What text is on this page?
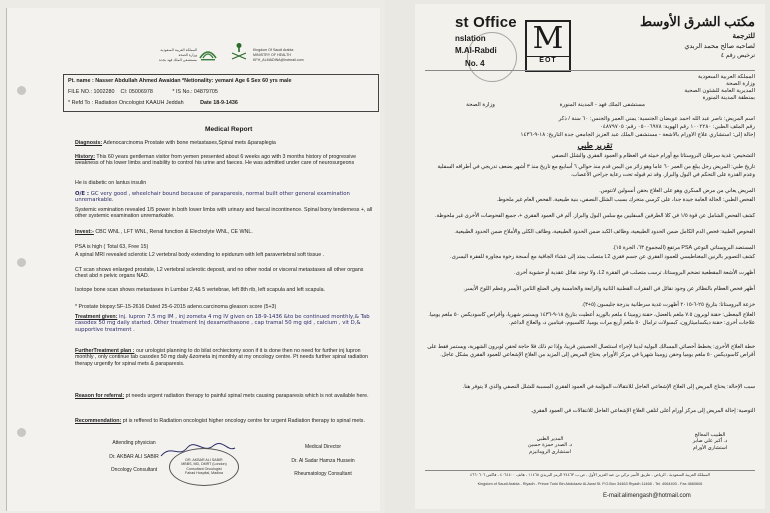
المملكة العربية السعودية
وزارة الصحة
مستشفى الملك فهد بجدة
Kingdom Of Saudi Arabia
MINISTRY OF HEALTH
KFH_ALMADINA@hotmail.com
Pt. name : Nasser Abdullah Ahmed Awaidan *Netionality: yemani Age 6 Sex 60 yrs male
FILE NO.: 1002280 CI: 05006978	* IS No.: 04879705
* Refd To : Radiation Oncologist KAAUH Jeddah	Date 18-9-1436
Medical Report
Diagnosis: Adenocarcinoma Prostate with bone metastases,Spinal mets &paraplegia
History: This 60 years gentleman visitor from yemen presented about 6 weeks ago with 3 months history of progressive weakness of his lower limbs and inability to control his urine and faeces. He was admitted under care of neurosurgeons
He is diabetic on lantus insulin
O/E : GC very good , wheelchair bound because of paraparesis, normal built other general examination unremarkable.
Systemic exmination revealed 1/5 power in both lower limbs with urinary and faecal incontinence. Spinal bony tenderness +, all other systemic examination unremarkable.
Invest:- CBC WNL , LFT WNL, Renal function & Electrolyte WNL, CE WNL.
PSA is high ( Total 63, Free 15)
A spinal MRI revealed sclerotic L2 vertebral body extending to epidurum with left paravertebral soft tissue .
CT scan shows enlarged prostate, L2 vertebral sclerotic deposit, and no other nodal or visceral metastases all other organs chest abd n pelvic organs NAD.
Isotope bone scan shows metastases in Lumbar 2,4& 5 vertebrae, left 8th rib, left scapula and left scapula.
* Prostate biopsy:SF-15-2616 Dated 25-6-2015 adeno.carcinoma gleason score (5+3)
Treatment given: inj. lupron 7.5 mg IM , inj zometa 4 mg IV given on 18-9-1436 &to be continued monthly,& Tab casodex 50 mg daily started. Other treatment Inj dexamethasone , cap tramal 50 mg qid , calcium , vit D,& supportive treatment .
FurtherTreatment plan : our urologist planning to do bilat orchiectomy soon if it is done then no need for further inj lupron monthly , only continue tab casodex 50 mg daily &zometa inj monthly at my oncology centre. Pt needs further spinal radiation therapy urgently for spinal mets & paraparesis.
Reason for referral: pt needs urgent radiation therapy to painful spinal mets causing paraparesis which is not available here.
Recommendation: pt is reffered to Radiation oncologist higher oncology centre for urgent Radiation therapy to spinal mets.
Attending physician
Dr. AKBAR ALI SABIR
Oncology Consultant
DR. AKBAR ALI SABIR
MBBS, MD, DMRT (London)
Consultant Oncologist
Fahad Hospital, Madina
Medical Director
Dr. Al Sadar Hamza Hussein
Rheumatology Consultant
st Office
nslation
M.Al-Rabdi
No. 4
M
EOT
مكتب الشرق الأوسط
للترجمة
لصاحبه صالح محمد الربدي
ترخيص رقم ٤
المملكة العربية السعودية
وزارة الصحة
المديرية العامة للشئون الصحية
بمنطقة المدينة المنورة
مستشفى الملك فهد - المدينة المنورة
وزارة الصحة
اسم المريض: ناصر عبد الله احمد عويضان الجنسية: يمني العمر والجنس: ٦٠ سنة / ذكر
رقم الملف الطبي: ١٠٠٢٢٨٠ رقم الهوية: ٠٥٠٠٦٩٧٨ رقم: ٠٤٨٧٩٧٠٥
إحالة إلى: استشاري علاج الأورام بالأشعة - مستشفى الملك عبد العزيز الجامعي جدة التاريخ: ١٨-٩-١٤٣٦
تقرير طبي
التشخيص: غدية سرطان البروستاتا مع أورام خبيثة في العظام و العمود الفقري والشلل النصفي
تاريخ طبي: المريض رجل يبلغ من العمر ٦٠ عاما وهو زائر من اليمن قدم منذ حوالي ٦ أسابيع مع تاريخ منذ ٣ أشهر بضعف تدريجي في أطرافه السفلية وعدم القدرة على التحكم في البول والبراز. وقد تم قبوله تحت رعاية جراحي الأعصاب.
المريض يعاني من مرض السكري وهو على العلاج بحقن أنسولين لانتوس.
الفحص الطبي: الحالة العامة جيدة جدا، على كرسي متحرك بسبب الشلل النصفي، بنية طبيعية، الفحص العام غير ملحوظ.
كشف الفحص الشامل عن قوة ١/٥ في كلا الطرفين السفليين مع سلس البول والبراز. ألم في العمود الفقري +، جميع الفحوصات الأخرى غير ملحوظة.
الفحوص الطبية: فحص الدم الكامل ضمن الحدود الطبيعية، وظائف الكبد ضمن الحدود الطبيعية، وظائف الكلى والأملاح ضمن الحدود الطبيعية.
المستضد البروستاتي النوعي PSA مرتفع (المجموع ٦٣، الحرة ١٥).
كشف التصوير بالرنين المغناطيسي للعمود الفقري عن جسم فقري L2 متصلب يمتد إلى غشاء الجافية مع أنسجة رخوة مجاورة للفقرة اليسرى.
أظهرت الأشعة المقطعية تضخم البروستاتا، ترسب متصلب في الفقرة L2، ولا توجد نقائل عقدية أو حشوية أخرى.
أظهر فحص العظام بالنظائر عن وجود نقائل في الفقرات القطنية الثانية والرابعة والخامسة وفي الضلع الثامن الأيسر وعظم اللوح الأيسر.
خزعة البروستاتا: بتاريخ ٢٥-٦-٢٠١٥ أظهرت غدية سرطانية بدرجة جليسون (٥+٣).
العلاج المعطى: حقنة لوبرون ٧.٥ ملغم بالعضل، حقنة زوميتا ٤ ملغم بالوريد أعطيت بتاريخ ١٨-٩-١٤٣٦ ويستمر شهريا، وأقراص كاسوديكس ٥٠ ملغم يوميا. علاجات أخرى: حقنة ديكساميثازون، كبسولات ترامال ٥٠ ملغم أربع مرات يوميا، كالسيوم، فيتامين د، والعلاج الداعم.
خطة العلاج الأخرى: يخطط أخصائي المسالك البولية لدينا لإجراء استئصال الخصيتين قريبا، وإذا تم ذلك فلا حاجة لحقن لوبرون الشهرية، ويستمر فقط على أقراص كاسوديكس ٥٠ ملغم يوميا وحقن زوميتا شهريا في مركز الأورام. يحتاج المريض إلى المزيد من العلاج الإشعاعي للعمود الفقري بشكل عاجل.
سبب الإحالة: يحتاج المريض إلى العلاج الإشعاعي العاجل للانتقالات المؤلمة في العمود الفقري المسببة للشلل النصفي والذي لا يتوفر هنا.
التوصية: إحالة المريض إلى مركز أورام أعلى لتلقي العلاج الإشعاعي العاجل للانتقالات في العمود الفقري.
الطبيب المعالج
د. أكبر علي صابر
استشاري الأورام
المدير الطبي
د. الصدر حمزة حسين
استشاري الروماتيزم
المملكة العربية السعودية - الرياض - طريق الأمير تركي بن عبد العزيز الأول - ص.ب ٣٤٤٦٣ الرمز البريدي ١١٤٦٨ - هاتف ٤٠٦٤٤٠٠ - فاكس ٤٦٦٠٦٠٦
Kingdom of Saudi Arabia - Riyadh - Prince Turki Bin Abdulaziz Al-Awal St. P.O.Box 34463 Riyadh 11468 - Tel. 4064400 - Fax 4660606
E-mail:alimengash@hotmail.com
